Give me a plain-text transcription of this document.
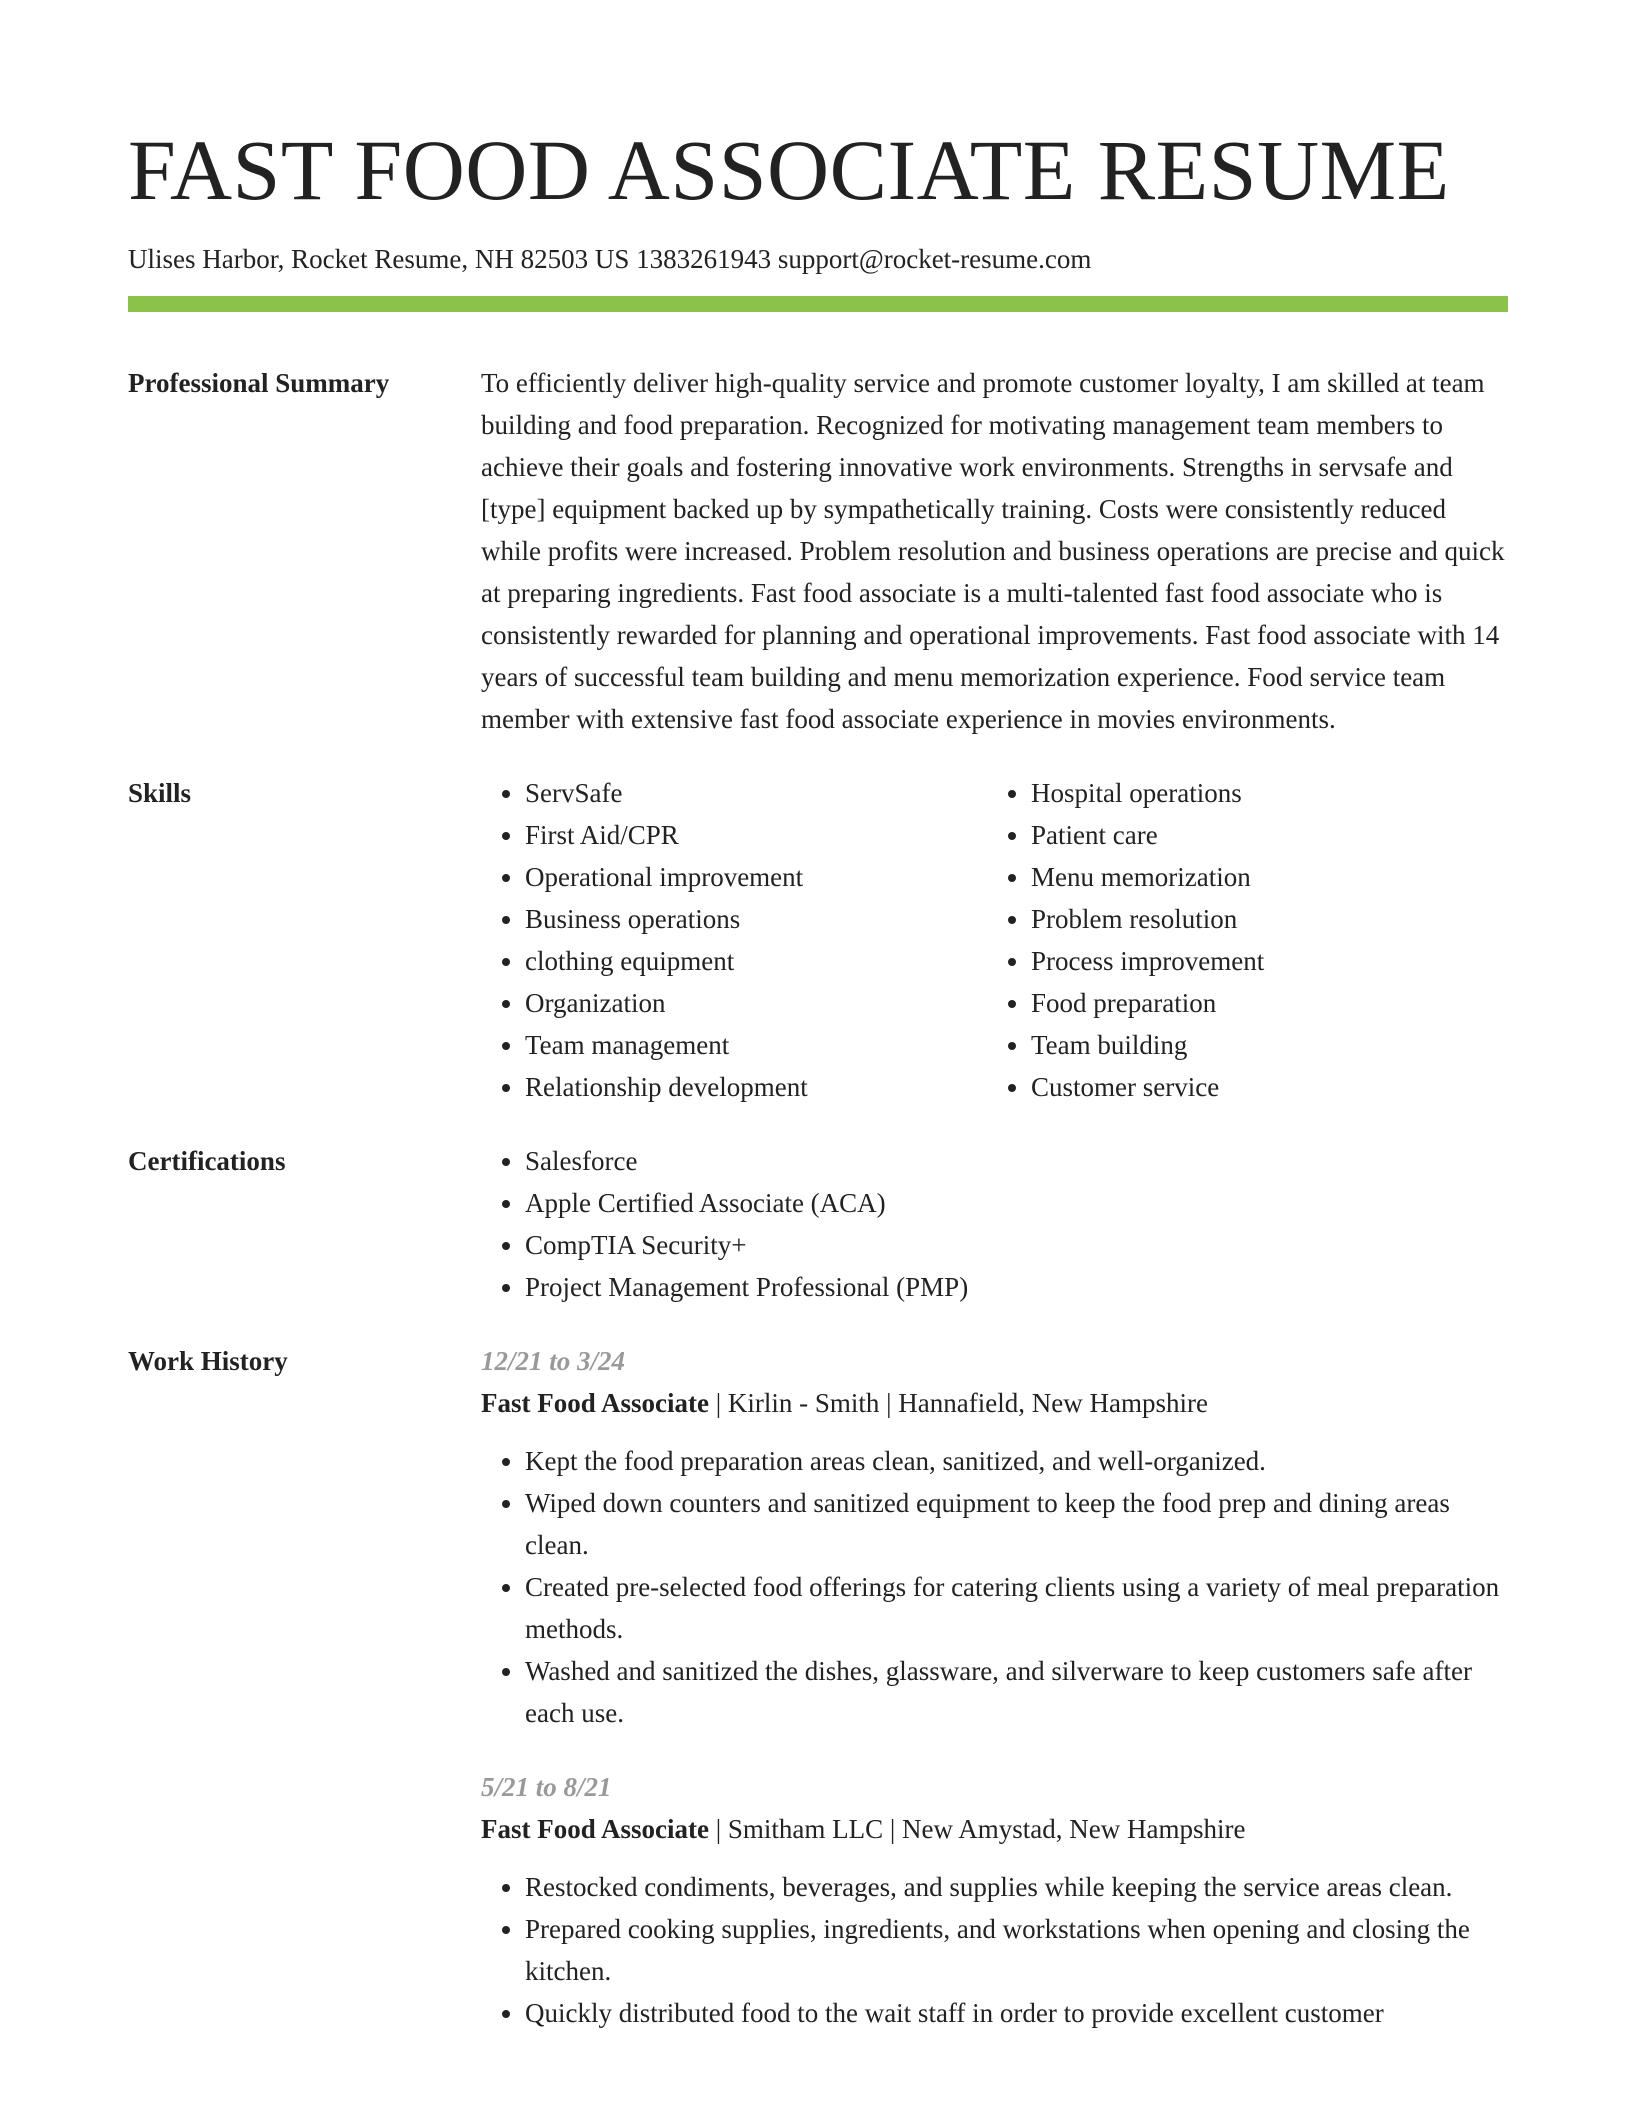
FAST FOOD ASSOCIATE RESUME
Ulises Harbor, Rocket Resume, NH 82503 US 1383261943 support@rocket-resume.com
Professional Summary	To efficiently deliver high-quality service and promote customer loyalty, I am skilled at team building and food preparation. Recognized for motivating management team members to achieve their goals and fostering innovative work environments. Strengths in servsafe and [type] equipment backed up by sympathetically training. Costs were consistently reduced while profits were increased. Problem resolution and business operations are precise and quick at preparing ingredients. Fast food associate is a multi-talented fast food associate who is consistently rewarded for planning and operational improvements. Fast food associate with 14 years of successful team building and menu memorization experience. Food service team member with extensive fast food associate experience in movies environments.
Skills	• ServSafe
• First Aid/CPR
• Operational improvement
• Business operations
• clothing equipment
• Organization
• Team management
• Relationship development
• Hospital operations
• Patient care
• Menu memorization
• Problem resolution
• Process improvement
• Food preparation
• Team building
• Customer service
Certifications	• Salesforce
• Apple Certified Associate (ACA)
• CompTIA Security+
• Project Management Professional (PMP)
Work History	12/21 to 3/24
Fast Food Associate | Kirlin - Smith | Hannafield, New Hampshire
• Kept the food preparation areas clean, sanitized, and well-organized.
• Wiped down counters and sanitized equipment to keep the food prep and dining areas clean.
• Created pre-selected food offerings for catering clients using a variety of meal preparation methods.
• Washed and sanitized the dishes, glassware, and silverware to keep customers safe after each use.
5/21 to 8/21
Fast Food Associate | Smitham LLC | New Amystad, New Hampshire
• Restocked condiments, beverages, and supplies while keeping the service areas clean.
• Prepared cooking supplies, ingredients, and workstations when opening and closing the kitchen.
• Quickly distributed food to the wait staff in order to provide excellent customer
